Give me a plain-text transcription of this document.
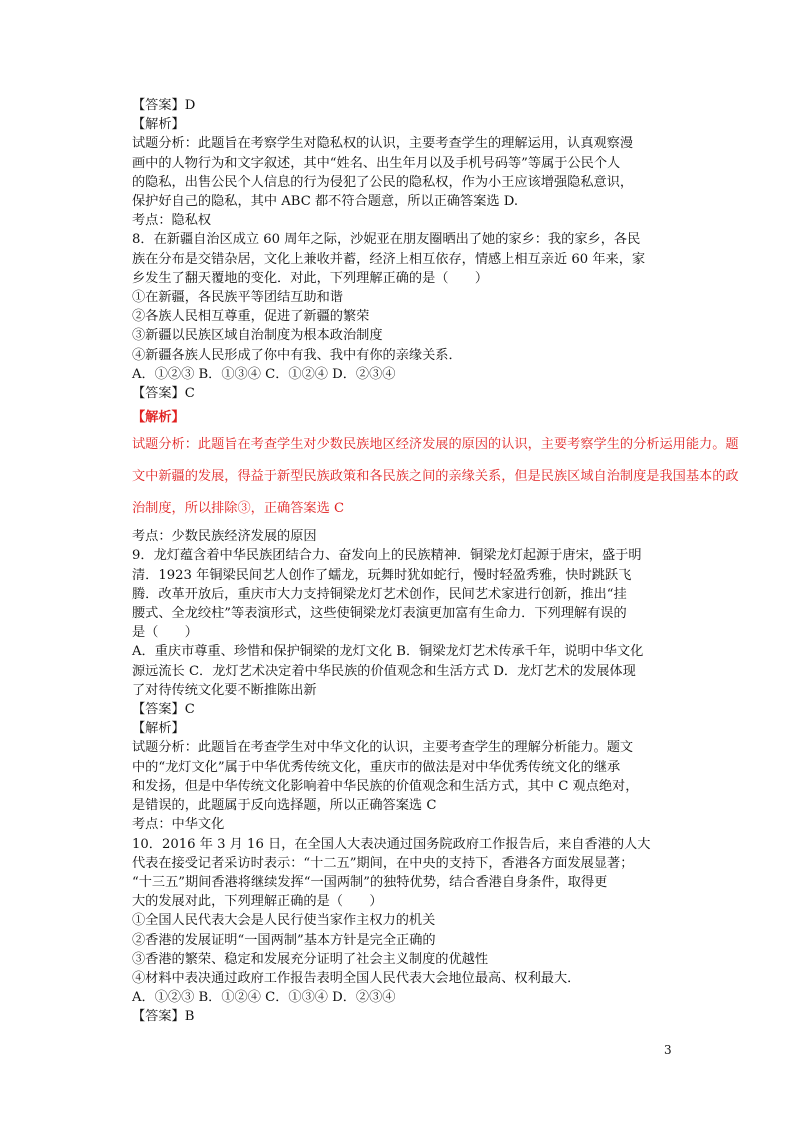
【答案】D
【解析】
试题分析：此题旨在考察学生对隐私权的认识，主要考查学生的理解运用，认真观察漫
画中的人物行为和文字叙述，其中“姓名、出生年月以及手机号码等”等属于公民个人
的隐私，出售公民个人信息的行为侵犯了公民的隐私权，作为小王应该增强隐私意识，
保护好自己的隐私，其中 ABC 都不符合题意，所以正确答案选 D.
考点：隐私权
8．在新疆自治区成立 60 周年之际，沙妮亚在朋友圈晒出了她的家乡：我的家乡，各民
族在分布是交错杂居，文化上兼收并蓄，经济上相互依存，情感上相互亲近 60 年来，家
乡发生了翻天覆地的变化．对此，下列理解正确的是（　　）
①在新疆，各民族平等团结互助和谐
②各族人民相互尊重，促进了新疆的繁荣
③新疆以民族区域自治制度为根本政治制度
④新疆各族人民形成了你中有我、我中有你的亲缘关系．
A．①②③ B．①③④ C．①②④ D．②③④
【答案】C
【解析】
试题分析：此题旨在考查学生对少数民族地区经济发展的原因的认识，主要考察学生的分析运用能力。题
文中新疆的发展，得益于新型民族政策和各民族之间的亲缘关系，但是民族区域自治制度是我国基本的政
治制度，所以排除③，正确答案选 C
考点：少数民族经济发展的原因
9．龙灯蕴含着中华民族团结合力、奋发向上的民族精神．铜梁龙灯起源于唐宋，盛于明
清．1923 年铜梁民间艺人创作了蠕龙，玩舞时犹如蛇行，慢时轻盈秀雅，快时跳跃飞
腾．改革开放后，重庆市大力支持铜梁龙灯艺术创作，民间艺术家进行创新，推出“挂
腰式、全龙绞柱”等表演形式，这些使铜梁龙灯表演更加富有生命力．下列理解有误的
是（　　）
A．重庆市尊重、珍惜和保护铜梁的龙灯文化 B．铜梁龙灯艺术传承千年，说明中华文化
源远流长 C．龙灯艺术决定着中华民族的价值观念和生活方式 D．龙灯艺术的发展体现
了对待传统文化要不断推陈出新
【答案】C
【解析】
试题分析：此题旨在考查学生对中华文化的认识，主要考查学生的理解分析能力。题文
中的“龙灯文化”属于中华优秀传统文化，重庆市的做法是对中华优秀传统文化的继承
和发扬，但是中华传统文化影响着中华民族的价值观念和生活方式，其中 C 观点绝对，
是错误的，此题属于反向选择题，所以正确答案选 C
考点：中华文化
10．2016 年 3 月 16 日，在全国人大表决通过国务院政府工作报告后，来自香港的人大
代表在接受记者采访时表示：“十二五”期间，在中央的支持下，香港各方面发展显著；
“十三五”期间香港将继续发挥“一国两制”的独特优势，结合香港自身条件，取得更
大的发展对此，下列理解正确的是（　　）
①全国人民代表大会是人民行使当家作主权力的机关
②香港的发展证明“一国两制”基本方针是完全正确的
③香港的繁荣、稳定和发展充分证明了社会主义制度的优越性
④材料中表决通过政府工作报告表明全国人民代表大会地位最高、权利最大．
A．①②③ B．①②④ C．①③④ D．②③④
【答案】B
3
